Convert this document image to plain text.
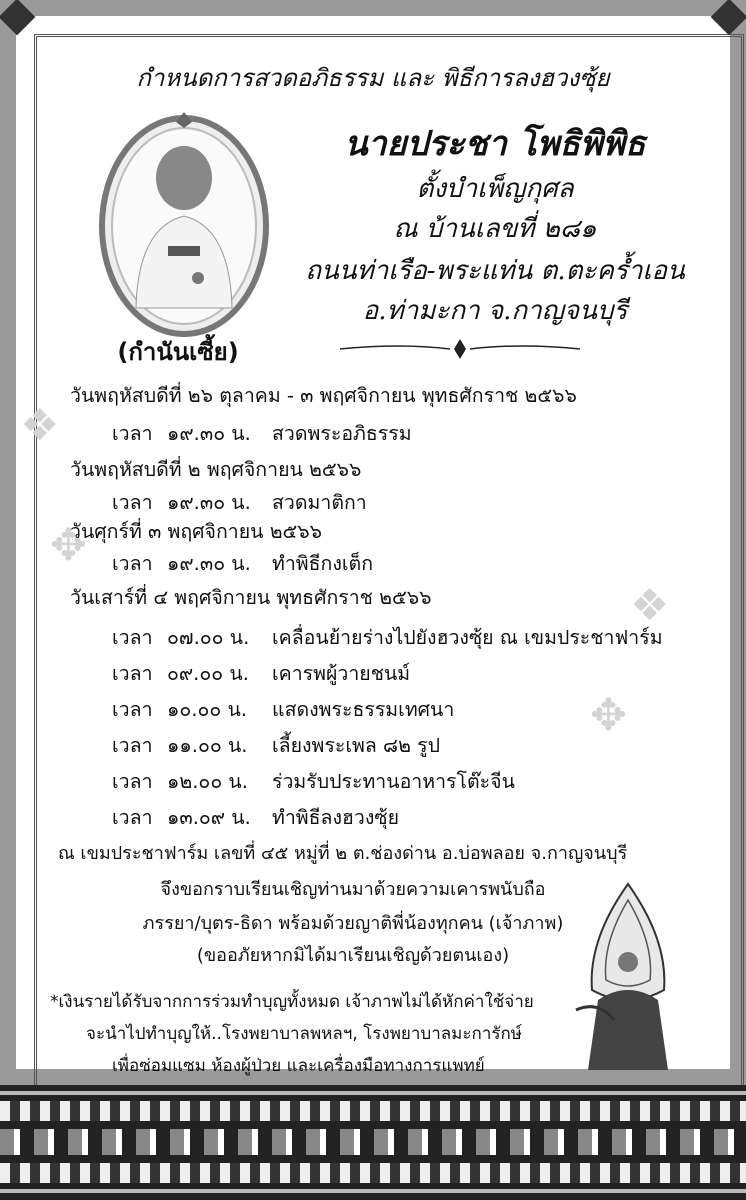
❖
✥
❖
✥
กำหนดการสวดอภิธรรม และ พิธีการลงฮวงซุ้ย
(กำนันเซี้ย)
นายประชา โพธิพิพิธ
ตั้งบำเพ็ญกุศล
ณ บ้านเลขที่ ๒๘๑
ถนนท่าเรือ-พระแท่น ต.ตะคร้ำเอน
อ.ท่ามะกา จ.กาญจนบุรี
วันพฤหัสบดีที่ ๒๖ ตุลาคม - ๓ พฤศจิกายน พุทธศักราช ๒๕๖๖
เวลา ๑๙.๓๐ น. สวดพระอภิธรรม
วันพฤหัสบดีที่ ๒ พฤศจิกายน ๒๕๖๖
เวลา ๑๙.๓๐ น. สวดมาติกา
วันศุกร์ที่ ๓ พฤศจิกายน ๒๕๖๖
เวลา ๑๙.๓๐ น. ทำพิธีกงเต็ก
วันเสาร์ที่ ๔ พฤศจิกายน พุทธศักราช ๒๕๖๖
เวลา ๐๗.๐๐ น. เคลื่อนย้ายร่างไปยังฮวงซุ้ย ณ เขมประชาฟาร์ม
เวลา ๐๙.๐๐ น. เคารพผู้วายชนม์
เวลา ๑๐.๐๐ น. แสดงพระธรรมเทศนา
เวลา ๑๑.๐๐ น. เลี้ยงพระเพล ๘๒ รูป
เวลา ๑๒.๐๐ น. ร่วมรับประทานอาหารโต๊ะจีน
เวลา ๑๓.๐๙ น. ทำพิธีลงฮวงซุ้ย
ณ เขมประชาฟาร์ม เลขที่ ๔๕ หมู่ที่ ๒ ต.ช่องด่าน อ.บ่อพลอย จ.กาญจนบุรี
จึงขอกราบเรียนเชิญท่านมาด้วยความเคารพนับถือ
ภรรยา/บุตร-ธิดา พร้อมด้วยญาติพี่น้องทุกคน (เจ้าภาพ)
(ขออภัยหากมิได้มาเรียนเชิญด้วยตนเอง)
*เงินรายได้รับจากการร่วมทำบุญทั้งหมด เจ้าภาพไม่ได้หักค่าใช้จ่าย
จะนำไปทำบุญให้..โรงพยาบาลพหลฯ, โรงพยาบาลมะการักษ์
เพื่อซ่อมแซม ห้องผู้ป่วย และเครื่องมือทางการแพทย์
